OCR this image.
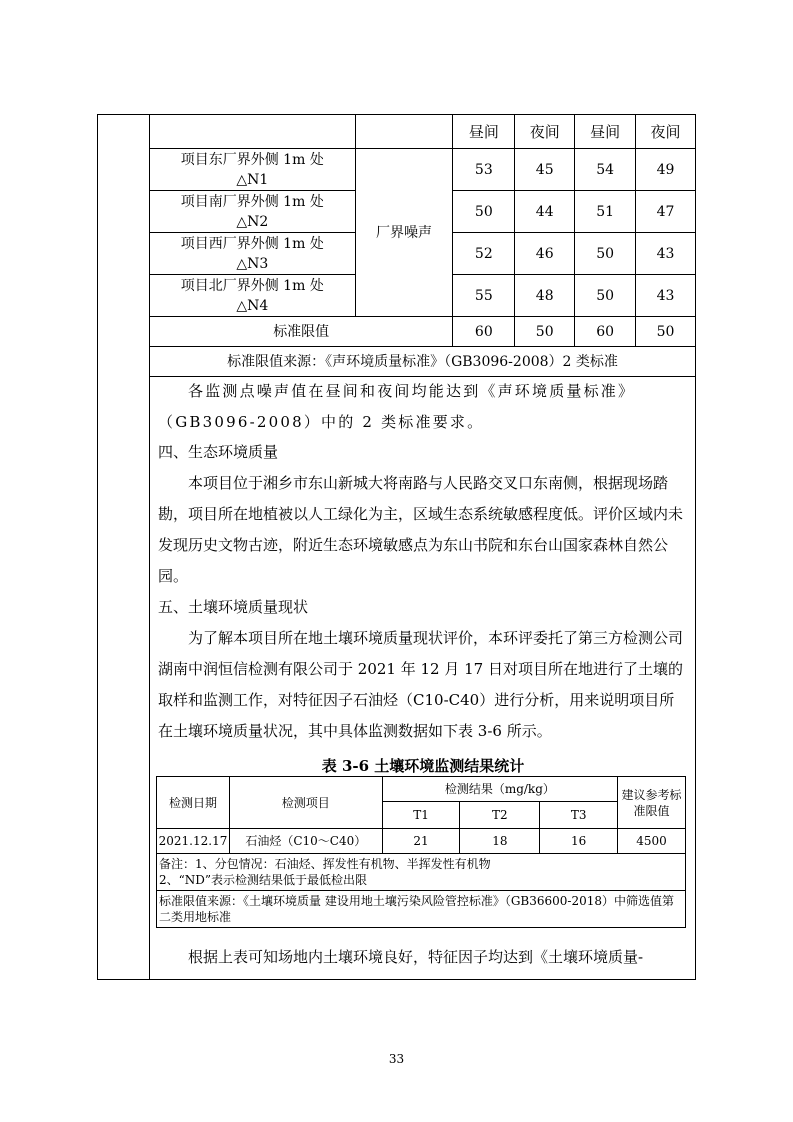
		昼间	夜间	昼间	夜间

项目东厂界外侧 1m 处
△N1	厂界噪声	53	45	54	49

项目南厂界外侧 1m 处
△N2		50	44	51	47

项目西厂界外侧 1m 处
△N3		52	46	50	43

项目北厂界外侧 1m 处
△N4		55	48	50	43
标准限值		60	50	60	50
标准限值来源：《声环境质量标准》（GB3096-2008）2 类标准					
各监测点噪声值在昼间和夜间均能达到《声环境质量标准》（GB3096-2008）中的 2 类标准要求。
四、生态环境质量
本项目位于湘乡市东山新城大将南路与人民路交叉口东南侧，根据现场踏勘，项目所在地植被以人工绿化为主，区域生态系统敏感程度低。评价区域内未发现历史文物古迹，附近生态环境敏感点为东山书院和东台山国家森林自然公园。
五、土壤环境质量现状
为了解本项目所在地土壤环境质量现状评价，本环评委托了第三方检测公司湖南中润恒信检测有限公司于 2021 年 12 月 17 日对项目所在地进行了土壤的取样和监测工作，对特征因子石油烃（C10-C40）进行分析，用来说明项目所在土壤环境质量状况，其中具体监测数据如下表 3-6 所示。
表 3-6 土壤环境监测结果统计
检测日期	检测项目	检测结果（mg/kg）			建议参考标准限值
		T1	T2	T3	
2021.12.17	石油烃（C10～C40）	21	18	16	4500
备注：1、分包情况：石油烃、挥发性有机物、半挥发性有机物
2、“ND”表示检测结果低于最低检出限					
标准限值来源：《土壤环境质量 建设用地土壤污染风险管控标准》（GB36600-2018）中筛选值第二类用地标准					
根据上表可知场地内土壤环境良好，特征因子均达到《土壤环境质量-
33
